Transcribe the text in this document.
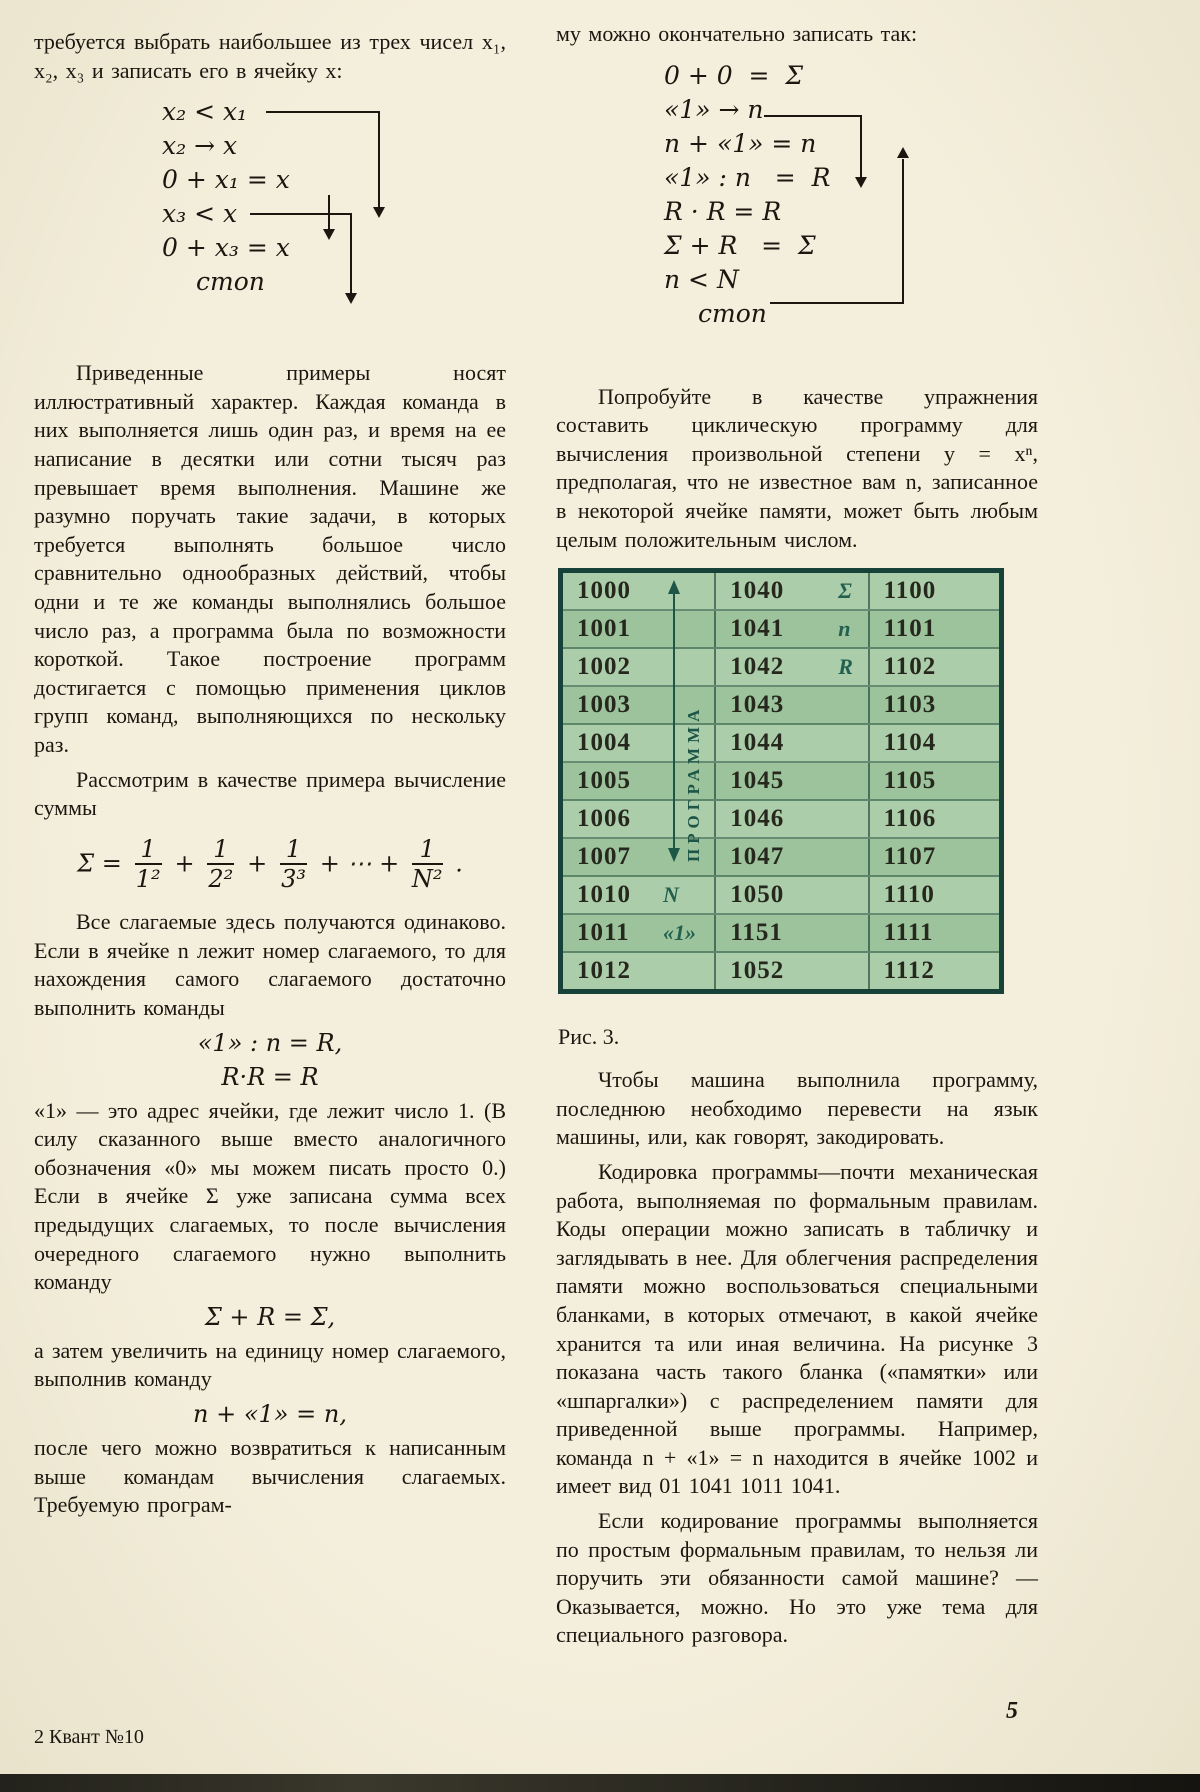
требуется выбрать наибольшее из трех чисел x₁, x₂, x₃ и записать его в ячейку x:

x₂ < x₁
x₂ → x
0 + x₁ = x
x₃ < x
0 + x₃ = x
стоп

Приведенные примеры носят иллюстративный характер. Каждая команда в них выполняется лишь один раз, и время на ее написание в десятки или сотни тысяч раз превышает время выполнения. Машине же разумно поручать такие задачи, в которых требуется выполнять большое число сравнительно однообразных действий, чтобы одни и те же команды выполнялись большое число раз, а программа была по возможности короткой. Такое построение программ достигается с помощью применения циклов групп команд, выполняющихся по нескольку раз.

Рассмотрим в качестве примера вычисление суммы

$\Sigma = \frac{1}{\text{1²}} + \frac{1}{\text{2²}} + \frac{1}{\text{3³}}$ + ⋯ + $\frac{1}{\text{N²}}$ .

Все слагаемые здесь получаются одинаково. Если в ячейке n лежит номер слагаемого, то для нахождения самого слагаемого достаточно выполнить команды

«1» : n = R,
R·R = R

«1» — это адрес ячейки, где лежит число 1. (В силу сказанного выше вместо аналогичного обозначения «0» мы можем писать просто 0.) Если в ячейке Σ уже записана сумма всех предыдущих слагаемых, то после вычисления очередного слагаемого нужно выполнить команду

Σ + R = Σ,

а затем увеличить на единицу номер слагаемого, выполнив команду

n + «1» = n,

после чего можно возвратиться к написанным выше командам вычисления слагаемых. Требуемую програм-

му можно окончательно записать так:

0 + 0  =  Σ
«1» → n
n + «1» = n
«1» : n   =  R
R · R = R
Σ + R   =  Σ
n < N
стоп

Попробуйте в качестве упражнения составить циклическую программу для вычисления произвольной степени y = xⁿ, предполагая, что не известное вам n, записанное в некоторой ячейке памяти, может быть любым целым положительным числом.

ПРОГРАММА
1000	1040 Σ	1100
1001	1041 n	1101
1002	1042 R	1102
1003	1043	1103
1004	1044	1104
1005	1045	1105
1006	1046	1106
1007	1047	1107
1010 N	1050	1110
1011 «1»	1151	1111
1012	1052	1112
Рис. 3.

Чтобы машина выполнила программу, последнюю необходимо перевести на язык машины, или, как говорят, закодировать.

Кодировка программы—почти механическая работа, выполняемая по формальным правилам. Коды операции можно записать в табличку и заглядывать в нее. Для облегчения распределения памяти можно воспользоваться специальными бланками, в которых отмечают, в какой ячейке хранится та или иная величина. На рисунке 3 показана часть такого бланка («памятки» или «шпаргалки») с распределением памяти для приведенной выше программы. Например, команда n + «1» = n находится в ячейке 1002 и имеет вид 01 1041 1011 1041.

Если кодирование программы выполняется по простым формальным правилам, то нельзя ли поручить эти обязанности самой машине? — Оказывается, можно. Но это уже тема для специального разговора.

2 Квант №10
5
